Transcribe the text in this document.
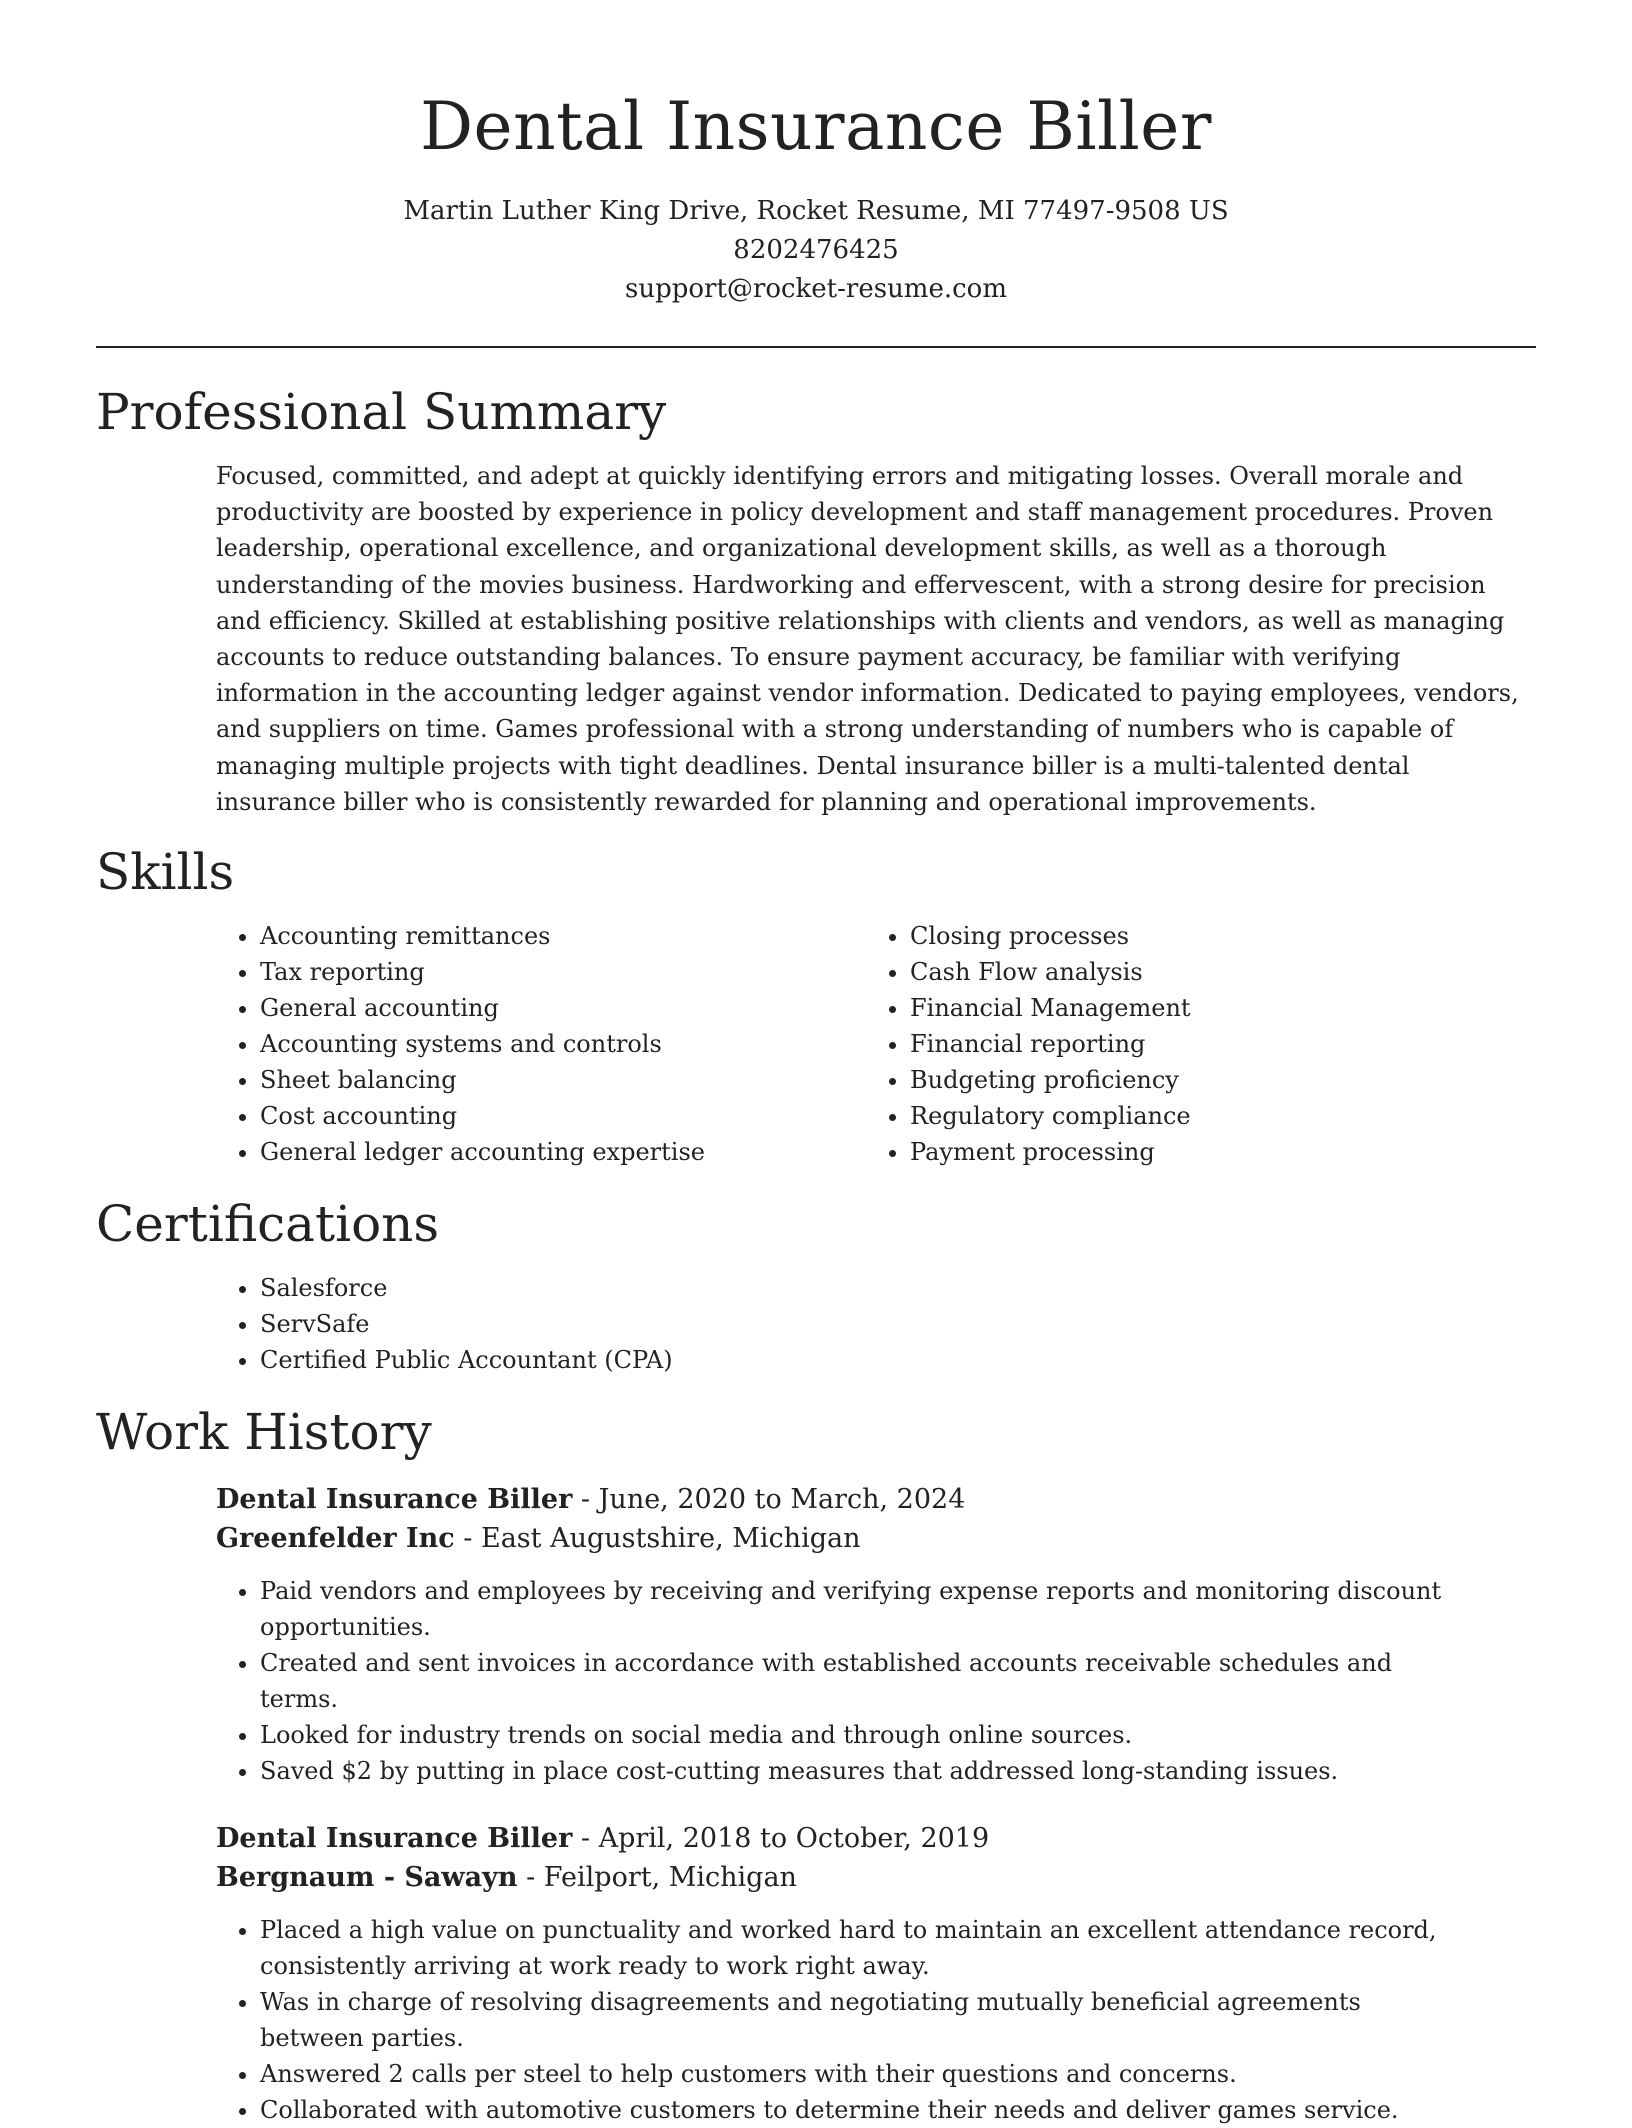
Dental Insurance Biller
Martin Luther King Drive, Rocket Resume, MI 77497-9508 US
8202476425
support@rocket-resume.com
Professional Summary

Focused, committed, and adept at quickly identifying errors and mitigating losses. Overall morale and productivity are boosted by experience in policy development and staff management procedures. Proven leadership, operational excellence, and organizational development skills, as well as a thorough understanding of the movies business. Hardworking and effervescent, with a strong desire for precision and efficiency. Skilled at establishing positive relationships with clients and vendors, as well as managing accounts to reduce outstanding balances. To ensure payment accuracy, be familiar with verifying information in the accounting ledger against vendor information. Dedicated to paying employees, vendors, and suppliers on time. Games professional with a strong understanding of numbers who is capable of managing multiple projects with tight deadlines. Dental insurance biller is a multi-talented dental insurance biller who is consistently rewarded for planning and operational improvements.

Skills
• Accounting remittances
• Tax reporting
• General accounting
• Accounting systems and controls
• Sheet balancing
• Cost accounting
• General ledger accounting expertise
• Closing processes
• Cash Flow analysis
• Financial Management
• Financial reporting
• Budgeting proficiency
• Regulatory compliance
• Payment processing
Certifications
• Salesforce
• ServSafe
• Certified Public Accountant (CPA)
Work History
Dental Insurance Biller - June, 2020 to March, 2024
Greenfelder Inc - East Augustshire, Michigan
• Paid vendors and employees by receiving and verifying expense reports and monitoring discount opportunities.
• Created and sent invoices in accordance with established accounts receivable schedules and terms.
• Looked for industry trends on social media and through online sources.
• Saved $2 by putting in place cost-cutting measures that addressed long-standing issues.
Dental Insurance Biller - April, 2018 to October, 2019
Bergnaum - Sawayn - Feilport, Michigan
• Placed a high value on punctuality and worked hard to maintain an excellent attendance record, consistently arriving at work ready to work right away.
• Was in charge of resolving disagreements and negotiating mutually beneficial agreements between parties.
• Answered 2 calls per steel to help customers with their questions and concerns.
• Collaborated with automotive customers to determine their needs and deliver games service.
